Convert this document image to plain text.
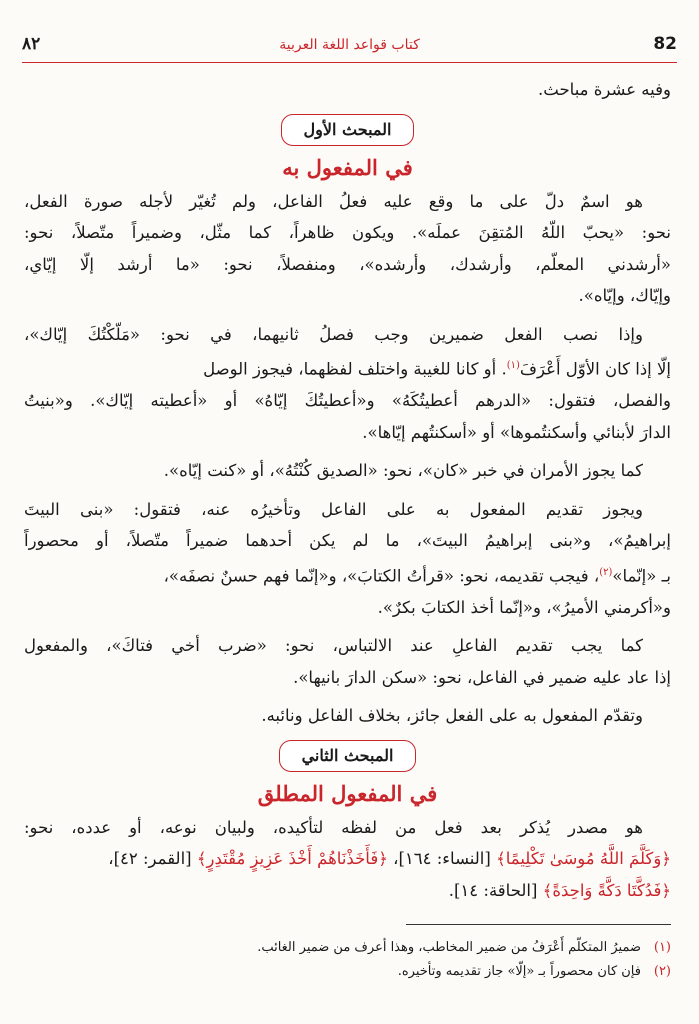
82
كتاب قواعد اللغة العربية
٨٢
وفيه عشرة مباحث.
المبحث الأول
في المفعول به
هو اسمٌ دلّ على ما وقع عليه فعلُ الفاعل، ولم تُغيّر لأجله صورة الفعل،
نحو: «يحبّ اللّهُ المُتقِنَ عملَه». ويكون ظاهراً، كما مثّل، وضميراً متّصلاً، نحو:
«أرشدني المعلّم، وأرشدك، وأرشده»، ومنفصلاً، نحو: «ما أرشد إلّا إيّاي،
وإيّاك، وإيّاه».
وإذا نصب الفعل ضميرين وجب فصلُ ثانيهما، في نحو: «مَلّكْتُكَ إيّاك»،
إلّا إذا كان الأوّل أَعْرَفَ$^{(١)}$. أو كانا للغيبة واختلف لفظهما، فيجوز الوصل
والفصل، فتقول: «الدرهم أعطيتُكَهُ» و«أعطيتُكَ إيّاهُ» أو «أعطيته إيّاك». و«بنيتُ
الدارَ لأبنائي وأسكنتُموها» أو «أسكنتُهم إيّاها».
كما يجوز الأمران في خبر «كان»، نحو: «الصديق كُنْتُهُ»، أو «كنت إيّاه».
ويجوز تقديم المفعول به على الفاعل وتأخيرُه عنه، فتقول: «بنى البيتَ
إبراهيمُ»، و«بنى إبراهيمُ البيتَ»، ما لم يكن أحدهما ضميراً متّصلاً، أو محصوراً
بـ «إنّما»$^{(٢)}$، فيجب تقديمه، نحو: «قرأتُ الكتابَ»، و«إنّما فهم حسنٌ نصفَه»،
و«أكرمني الأميرُ»، و«إنّما أخذ الكتابَ بكرٌ».
كما يجب تقديم الفاعلِ عند الالتباس، نحو: «ضرب أخي فتاكَ»، والمفعول
إذا عاد عليه ضمير في الفاعل، نحو: «سكن الدارَ بانيها».
وتقدّم المفعول به على الفعل جائز، بخلاف الفاعل ونائبه.
المبحث الثاني
في المفعول المطلق
هو مصدر يُذكر بعد فعل من لفظه لتأكيده، ولبيان نوعه، أو عدده، نحو:
﴿وَكَلَّمَ اللَّهُ مُوسَىٰ تَكْلِيمًا﴾ [النساء: ١٦٤]، ﴿فَأَخَذْنَاهُمْ أَخْذَ عَزِيزٍ مُقْتَدِرٍ﴾ [القمر: ٤٢]،
﴿فَدُكَّتَا دَكَّةً وَاحِدَةً﴾ [الحاقة: ١٤].
(١)ضميرُ المتكلّم أَعْرَفُ من ضمير المخاطب، وهذا أعرف من ضمير الغائب.
(٢)فإن كان محصوراً بـ «إلّا» جاز تقديمه وتأخيره.
